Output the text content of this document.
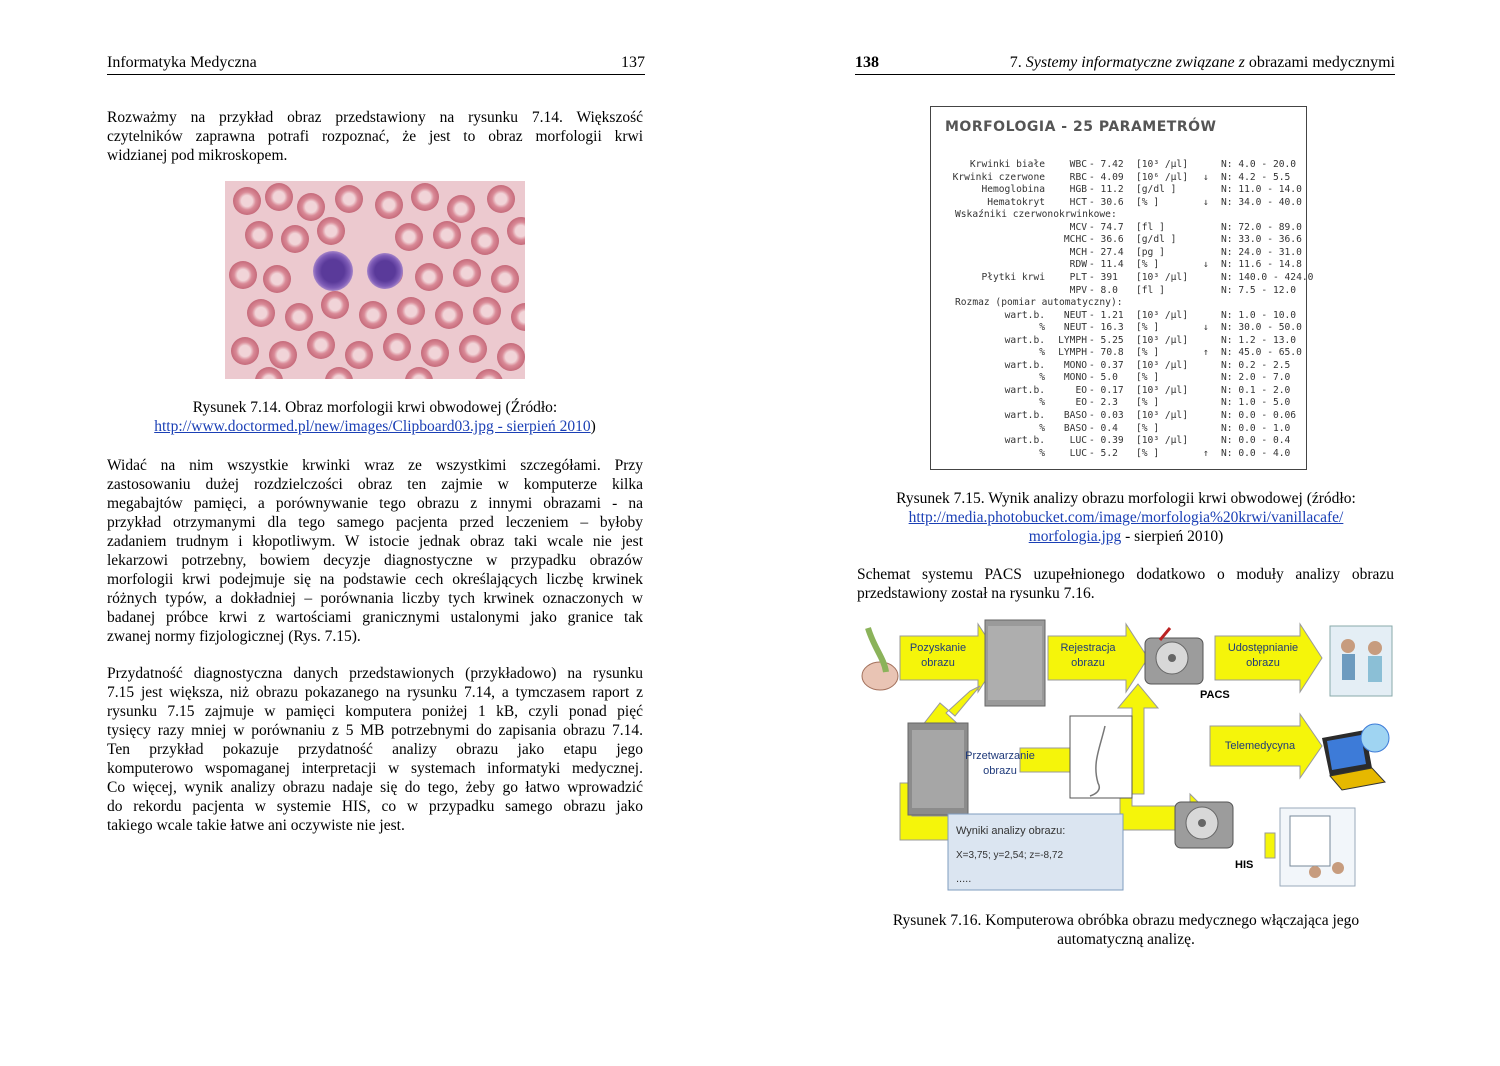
Informatyka Medyczna	137
Rozważmy na przykład obraz przedstawiony na rysunku 7.14. Większość
czytelników zaprawna potrafi rozpoznać, że jest to obraz morfologii krwi
widzianej pod mikroskopem.
Rysunek 7.14. Obraz morfologii krwi obwodowej (Źródło:
http://www.doctormed.pl/new/images/Clipboard03.jpg - sierpień 2010)
Widać na nim wszystkie krwinki wraz ze wszystkimi szczegółami. Przy
zastosowaniu dużej rozdzielczości obraz ten zajmie w komputerze kilka
megabajtów pamięci, a porównywanie tego obrazu z innymi obrazami - na
przykład otrzymanymi dla tego samego pacjenta przed leczeniem – byłoby
zadaniem trudnym i kłopotliwym. W istocie jednak obraz taki wcale nie jest
lekarzowi potrzebny, bowiem decyzje diagnostyczne w przypadku obrazów
morfologii krwi podejmuje się na podstawie cech określających liczbę krwinek
różnych typów, a dokładniej – porównania liczby tych krwinek oznaczonych w
badanej próbce krwi z wartościami granicznymi ustalonymi jako granice tak
zwanej normy fizjologicznej (Rys. 7.15).
Przydatność diagnostyczna danych przedstawionych (przykładowo) na rysunku
7.15 jest większa, niż obrazu pokazanego na rysunku 7.14, a tymczasem raport z
rysunku 7.15 zajmuje w pamięci komputera poniżej 1 kB, czyli ponad pięć
tysięcy razy mniej w porównaniu z 5 MB potrzebnymi do zapisania obrazu 7.14.
Ten przykład pokazuje przydatność analizy obrazu jako etapu jego
komputerowo wspomaganej interpretacji w systemach informatyki medycznej.
Co więcej, wynik analizy obrazu nadaje się do tego, żeby go łatwo wprowadzić
do rekordu pacjenta w systemie HIS, co w przypadku samego obrazu jako
takiego wcale takie łatwe ani oczywiste nie jest.
138	7. Systemy informatyczne związane z obrazami medycznymi
MORFOLOGIA - 25 PARAMETRÓW
Krwinki białe	WBC - 7.42	[10³ /µl]	N: 4.0 - 20.0
Krwinki czerwone	RBC - 4.09	[10⁶ /µl]	↓	N: 4.2 - 5.5
Hemoglobina	HGB - 11.2	[g/dl ]	N: 11.0 - 14.0
Hematokryt	HCT - 30.6	[% ]	↓	N: 34.0 - 40.0
Wskaźniki czerwonokrwinkowe:
MCV - 74.7	[fl ]	N: 72.0 - 89.0
MCHC - 36.6	[g/dl ]	N: 33.0 - 36.6
MCH - 27.4	[pg ]	N: 24.0 - 31.0
RDW - 11.4	[% ]	↓	N: 11.6 - 14.8
Płytki krwi	PLT - 391	[10³ /µl]	N: 140.0 - 424.0
MPV - 8.0	[fl ]	N: 7.5 - 12.0
Rozmaz (pomiar automatyczny):
wart.b.	NEUT - 1.21	[10³ /µl]	N: 1.0 - 10.0
%	NEUT - 16.3	[% ]	↓	N: 30.0 - 50.0
wart.b.	LYMPH - 5.25	[10³ /µl]	N: 1.2 - 13.0
%	LYMPH - 70.8	[% ]	↑	N: 45.0 - 65.0
wart.b.	MONO - 0.37	[10³ /µl]	N: 0.2 - 2.5
%	MONO - 5.0	[% ]	N: 2.0 - 7.0
wart.b.	EO - 0.17	[10³ /µl]	N: 0.1 - 2.0
%	EO - 2.3	[% ]	N: 1.0 - 5.0
wart.b.	BASO - 0.03	[10³ /µl]	N: 0.0 - 0.06
%	BASO - 0.4	[% ]	N: 0.0 - 1.0
wart.b.	LUC - 0.39	[10³ /µl]	N: 0.0 - 0.4
%	LUC - 5.2	[% ]	↑	N: 0.0 - 4.0
Rysunek 7.15. Wynik analizy obrazu morfologii krwi obwodowej (źródło:
http://media.photobucket.com/image/morfologia%20krwi/vanillacafe/
morfologia.jpg - sierpień 2010)
Schemat systemu PACS uzupełnionego dodatkowo o moduły analizy obrazu
przedstawiony został na rysunku 7.16.
Pozyskanie
obrazu
Rejestracja
obrazu
Udostępnianie
obrazu
PACS
Telemedycyna
Przetwarzanie
obrazu
Wyniki analizy obrazu:
X=3,75; y=2,54; z=-8,72
.....
HIS
Rysunek 7.16. Komputerowa obróbka obrazu medycznego włączająca jego
automatyczną analizę.
